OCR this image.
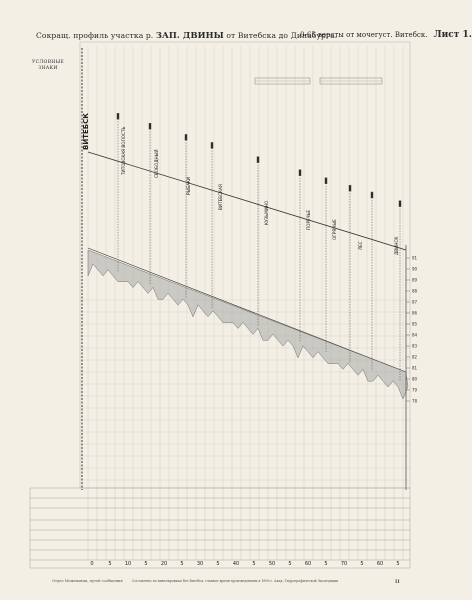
Сокращ. профиль участка р. ЗАП. ДВИНЫ от Витебска до Динабурга.
0-65 версты от мочегуст. Витебск. Лист 1.
УСЛОВНЫЕ
ЗНАКИ
ВИТЕБСК	ТИТОВСКАЯ ВОЛОСТЬ	СВОБОДНЫЙ
РЫБАКИ	ВИТЕБСКАЯ
КУЗЬМИНО	ПОРЕЧЬЕ	ОГРЯНЫЕ
ЛЕС	ДВИНСК
91
90
89
88
87
86
85
84
83
82
81
80
79
78
0	5	10	5	20	5	30	5	40	5	50	5	60	5	70	5	60	5
Отдел Межевания, путей сообщения	Составлено по нивелировкам без Витебск. главное время произведенным в 1896 г. Акад. Гидрографической Экспедиции	II
